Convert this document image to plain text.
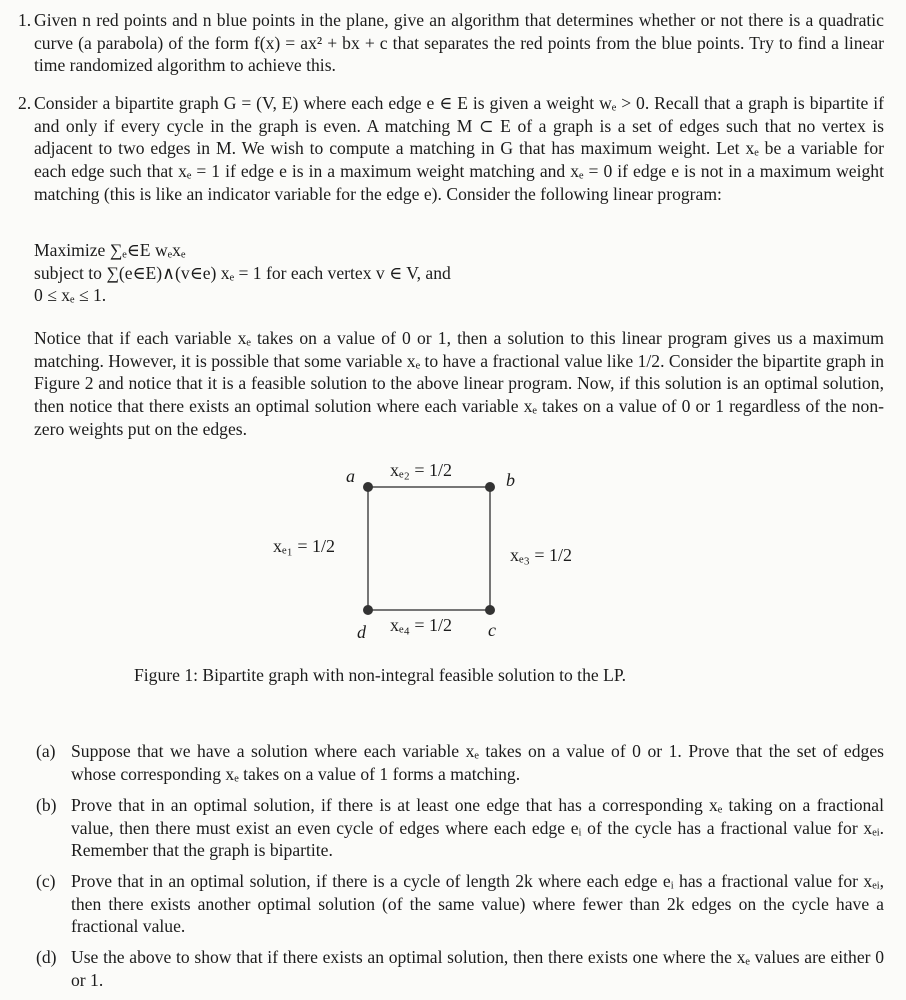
1. Given n red points and n blue points in the plane, give an algorithm that determines whether or not there is a quadratic curve (a parabola) of the form f(x) = ax² + bx + c that separates the red points from the blue points. Try to find a linear time randomized algorithm to achieve this.
2. Consider a bipartite graph G = (V, E) where each edge e ∈ E is given a weight wₑ > 0. Recall that a graph is bipartite if and only if every cycle in the graph is even. A matching M ⊂ E of a graph is a set of edges such that no vertex is adjacent to two edges in M. We wish to compute a matching in G that has maximum weight. Let xₑ be a variable for each edge such that xₑ = 1 if edge e is in a maximum weight matching and xₑ = 0 if edge e is not in a maximum weight matching (this is like an indicator variable for the edge e). Consider the following linear program:
Maximize ∑ₑ∈E wₑxₑ
subject to ∑(e∈E)∧(v∈e) xₑ = 1 for each vertex v ∈ V, and
0 ≤ xₑ ≤ 1.
Notice that if each variable xₑ takes on a value of 0 or 1, then a solution to this linear program gives us a maximum matching. However, it is possible that some variable xₑ to have a fractional value like 1/2. Consider the bipartite graph in Figure 2 and notice that it is a feasible solution to the above linear program. Now, if this solution is an optimal solution, then notice that there exists an optimal solution where each variable xₑ takes on a value of 0 or 1 regardless of the non-zero weights put on the edges.
a	b
c
d
xₑ₁ = 1/2
xₑ₂ = 1/2
xₑ₃ = 1/2
xₑ₄ = 1/2
Figure 1: Bipartite graph with non-integral feasible solution to the LP.
(a) Suppose that we have a solution where each variable xₑ takes on a value of 0 or 1. Prove that the set of edges whose corresponding xₑ takes on a value of 1 forms a matching.
(b) Prove that in an optimal solution, if there is at least one edge that has a corresponding xₑ taking on a fractional value, then there must exist an even cycle of edges where each edge eᵢ of the cycle has a fractional value for xₑᵢ. Remember that the graph is bipartite.
(c) Prove that in an optimal solution, if there is a cycle of length 2k where each edge eᵢ has a fractional value for xₑᵢ, then there exists another optimal solution (of the same value) where fewer than 2k edges on the cycle have a fractional value.
(d) Use the above to show that if there exists an optimal solution, then there exists one where the xₑ values are either 0 or 1.
